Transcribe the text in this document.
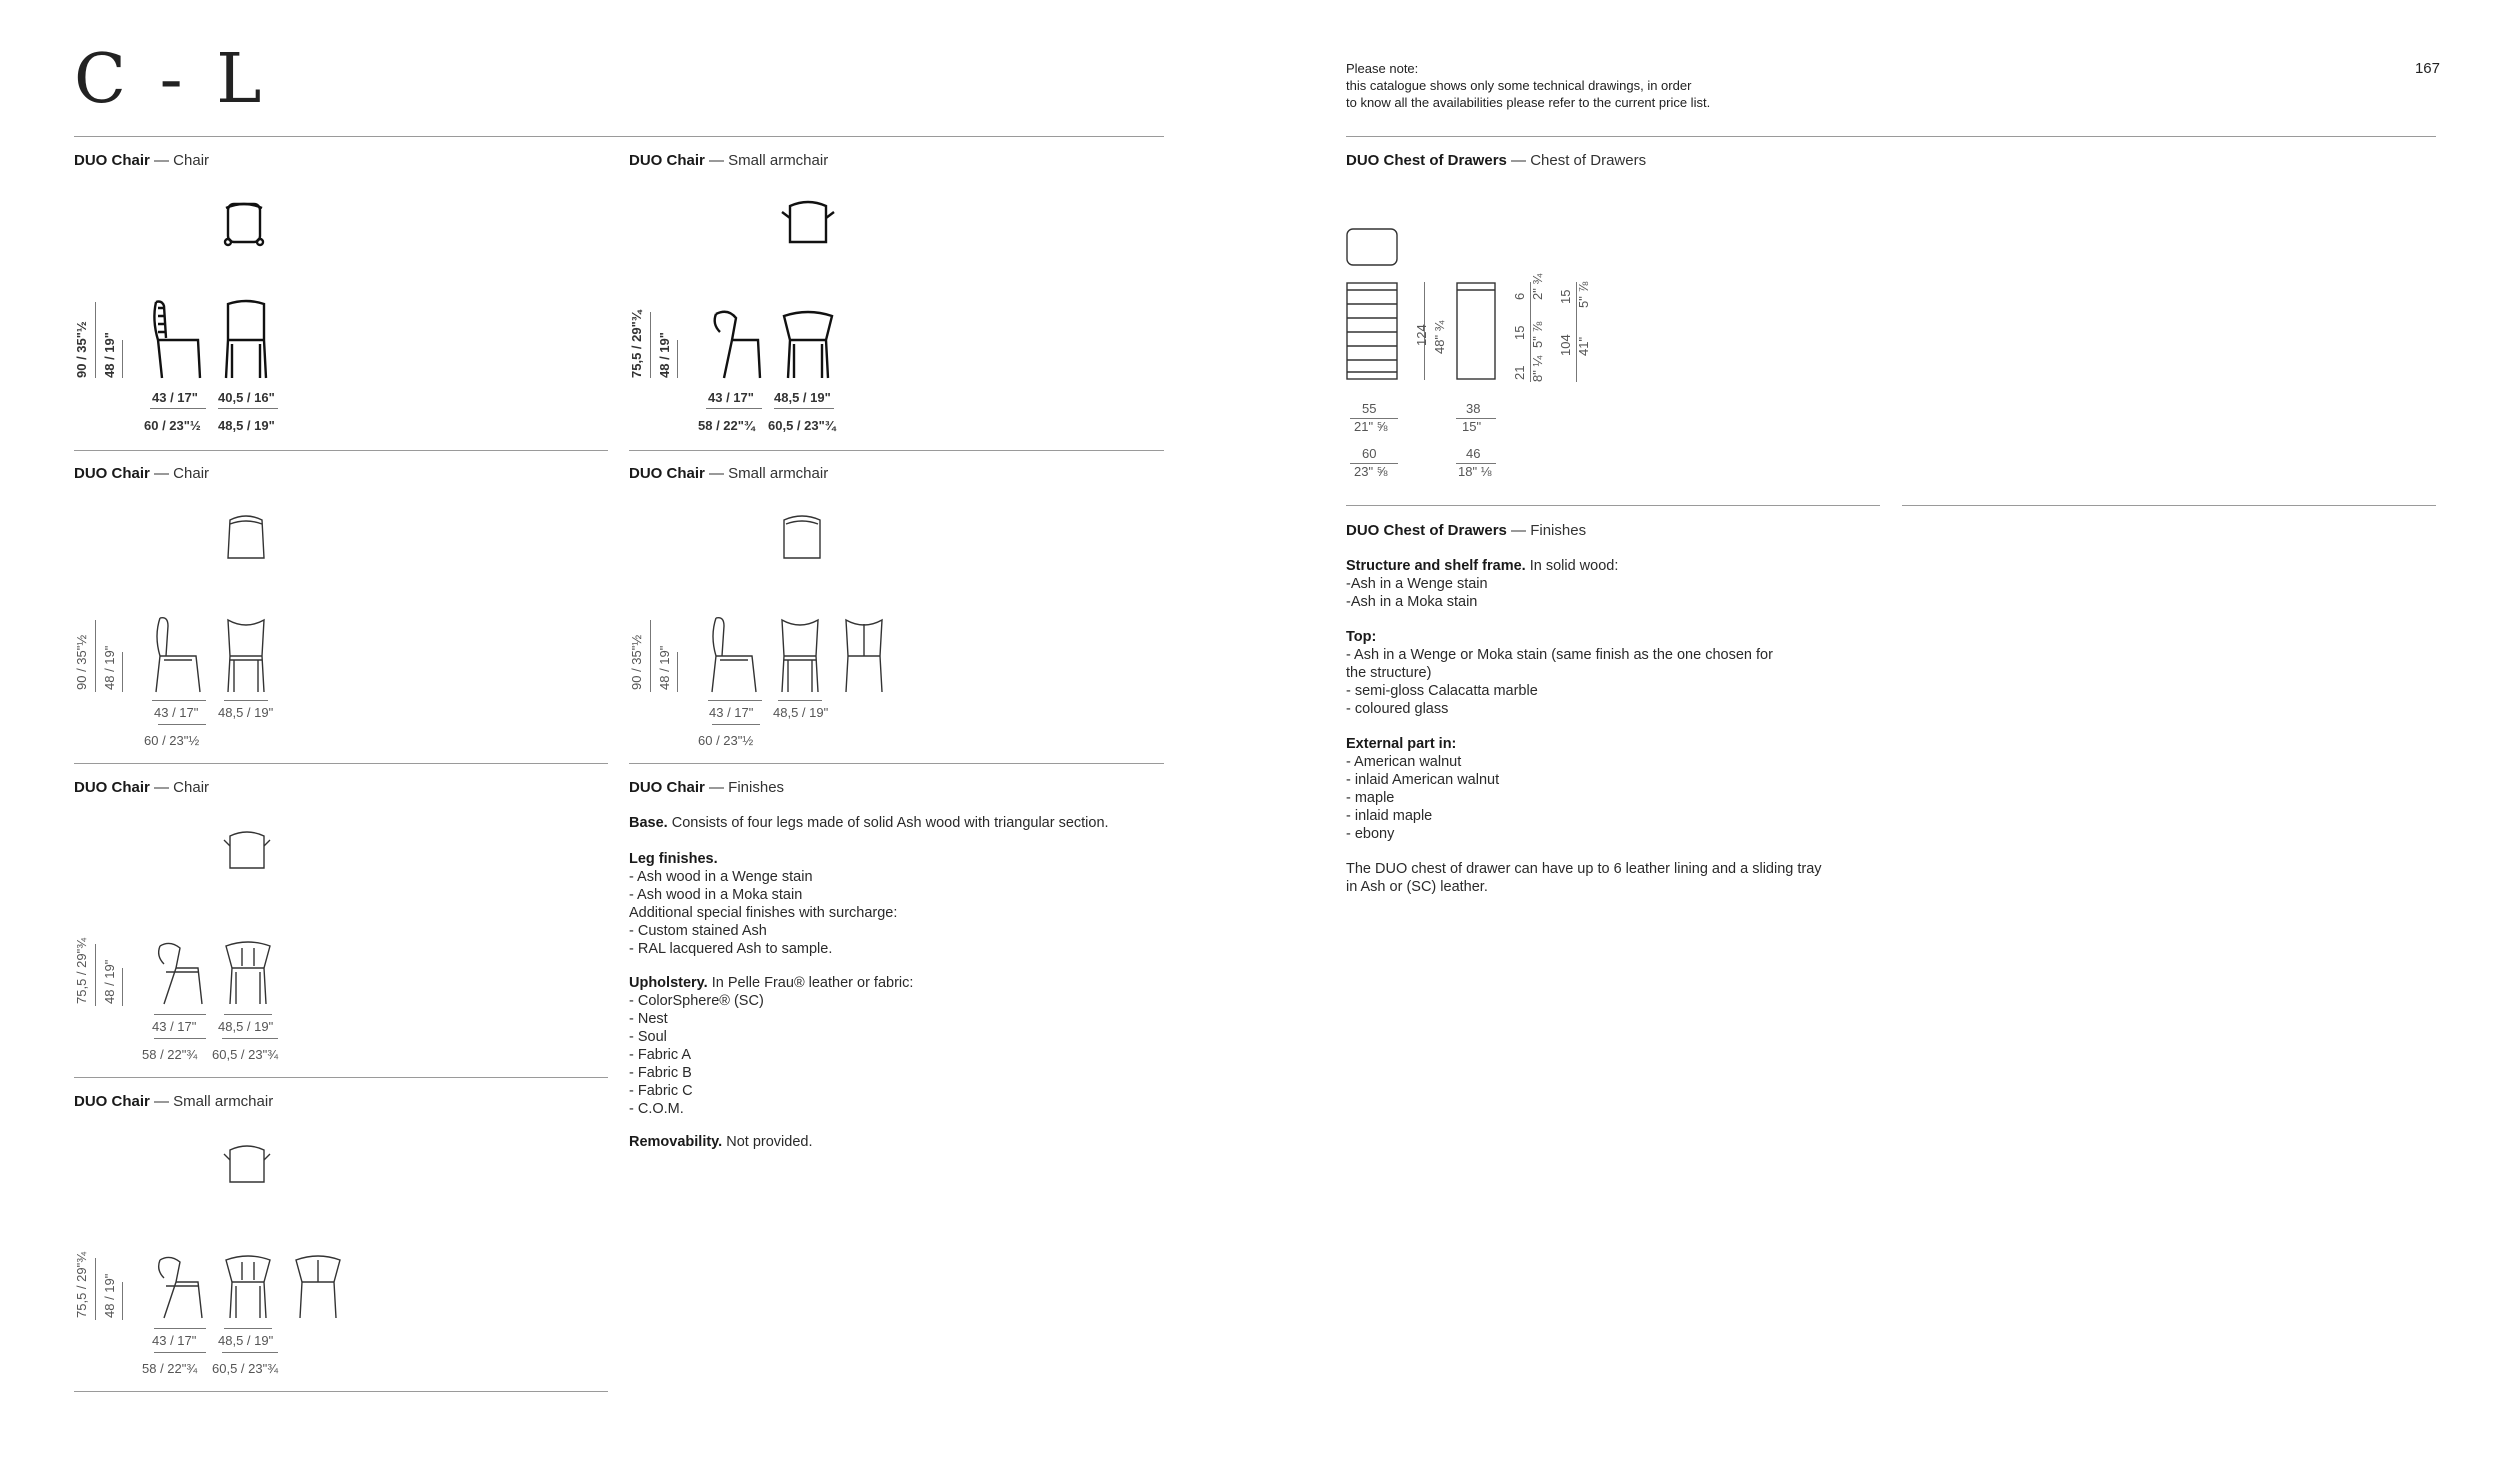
C - L	167
Please note:
this catalogue shows only some technical drawings, in order
to know all the availabilities please refer to the current price list.
DUO Chair — Chair
90 / 35"½ 48 / 19"
43 / 17" 40,5 / 16"
60 / 23"½ 48,5 / 19"
DUO Chair — Small armchair
75,5 / 29"¾ 48 / 19"
43 / 17" 48,5 / 19"
58 / 22"¾ 60,5 / 23"¾
DUO Chair — Chair
90 / 35"½ 48 / 19"
43 / 17" 48,5 / 19"
60 / 23"½
DUO Chair — Small armchair
90 / 35"½ 48 / 19"
43 / 17" 48,5 / 19"
60 / 23"½
DUO Chair — Chair
75,5 / 29"¾ 48 / 19"
43 / 17" 48,5 / 19"
58 / 22"¾ 60,5 / 23"¾
DUO Chair — Small armchair
75,5 / 29"¾ 48 / 19"
43 / 17" 48,5 / 19"
58 / 22"¾ 60,5 / 23"¾
DUO Chair — Finishes
Base. Consists of four legs made of solid Ash wood with triangular section.
Leg finishes.
- Ash wood in a Wenge stain
- Ash wood in a Moka stain
Additional special finishes with surcharge:
- Custom stained Ash
- RAL lacquered Ash to sample.
Upholstery. In Pelle Frau® leather or fabric:
- ColorSphere® (SC)
- Nest
- Soul
- Fabric A
- Fabric B
- Fabric C
- C.O.M.
Removability. Not provided.
DUO Chest of Drawers — Chest of Drawers
124 48" ¾
6 2" ¾ 15 5" ⅞
15 5" ⅞
21 8" ¼
104 41"
55
21" ⅝
38
15"
60
23" ⅝
46
18" ⅛
DUO Chest of Drawers — Finishes
Structure and shelf frame. In solid wood:
-Ash in a Wenge stain
-Ash in a Moka stain
Top:
- Ash in a Wenge or Moka stain (same finish as the one chosen for
the structure)
- semi-gloss Calacatta marble
- coloured glass
External part in:
- American walnut
- inlaid American walnut
- maple
- inlaid maple
- ebony
The DUO chest of drawer can have up to 6 leather lining and a sliding tray
in Ash or (SC) leather.
